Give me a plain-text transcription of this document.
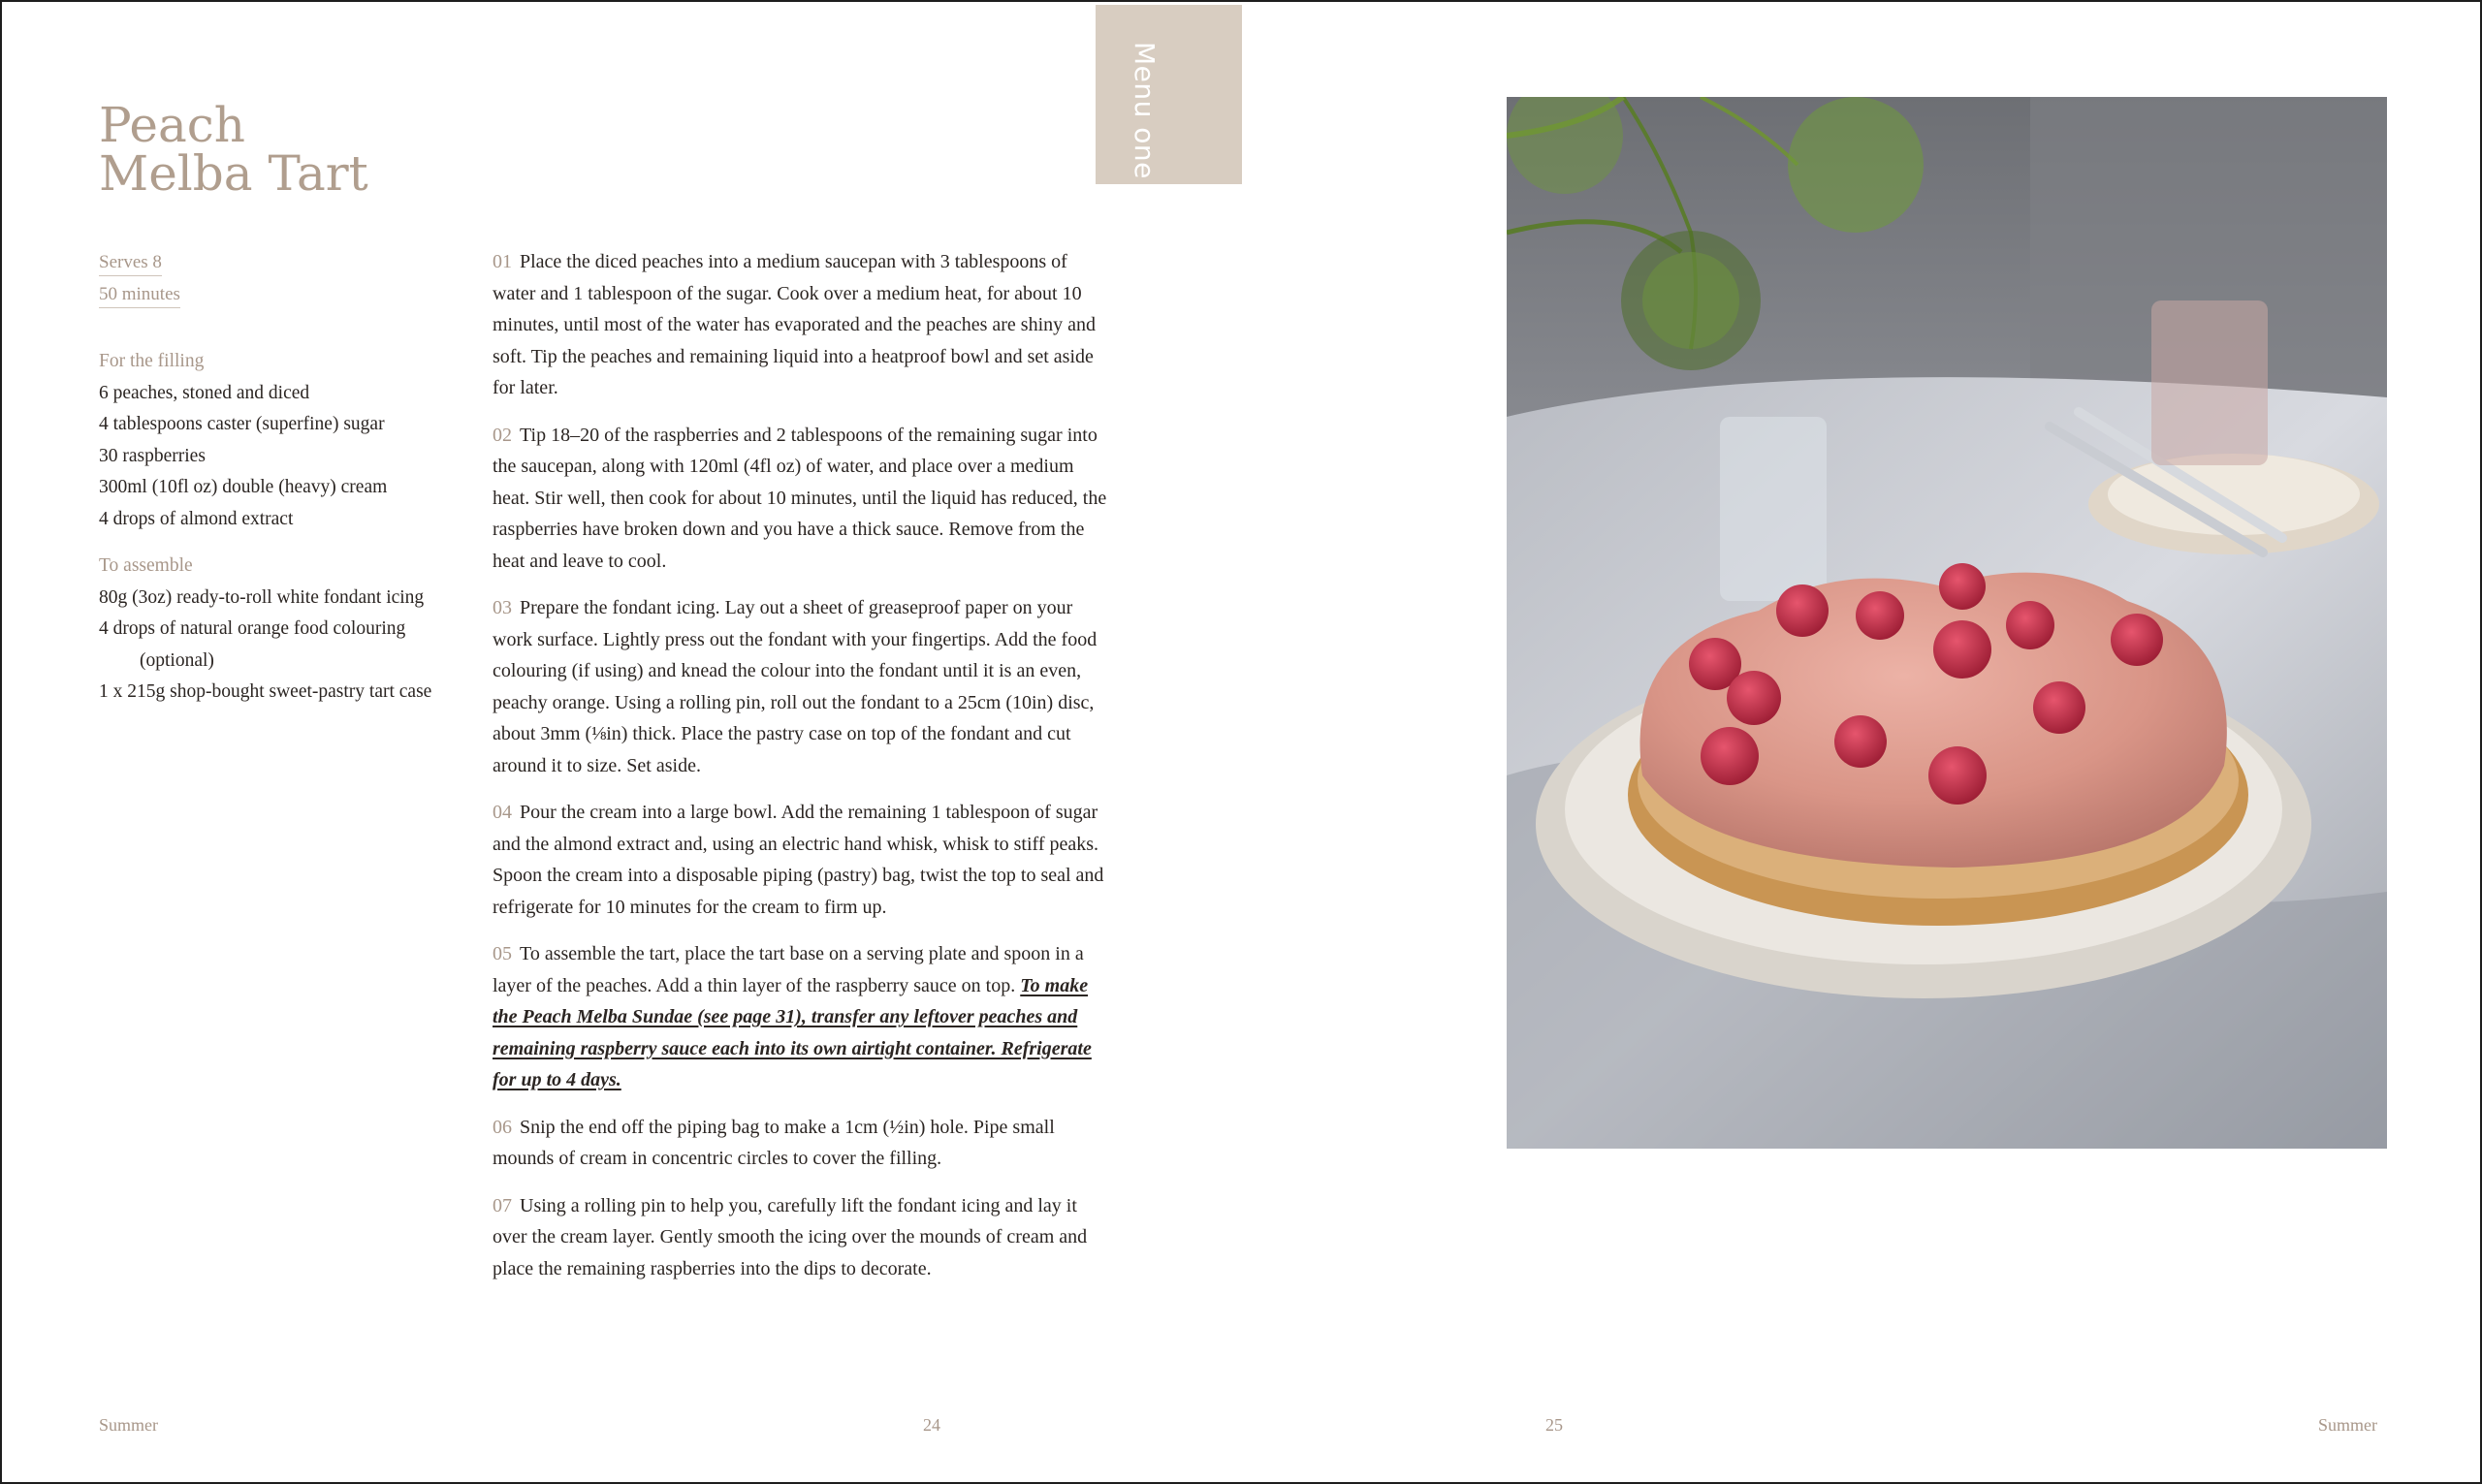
Peach
Melba Tart
Serves 8
50 minutes
For the filling
6 peaches, stoned and diced
4 tablespoons caster (superfine) sugar
30 raspberries
300ml (10fl oz) double (heavy) cream
4 drops of almond extract
To assemble
80g (3oz) ready-to-roll white fondant icing
4 drops of natural orange food colouring
(optional)
1 x 215g shop-bought sweet-pastry tart case

01 Place the diced peaches into a medium saucepan with 3 tablespoons of water and 1 tablespoon of the sugar. Cook over a medium heat, for about 10 minutes, until most of the water has evaporated and the peaches are shiny and soft. Tip the peaches and remaining liquid into a heatproof bowl and set aside for later.

02 Tip 18–20 of the raspberries and 2 tablespoons of the remaining sugar into the saucepan, along with 120ml (4fl oz) of water, and place over a medium heat. Stir well, then cook for about 10 minutes, until the liquid has reduced, the raspberries have broken down and you have a thick sauce. Remove from the heat and leave to cool.

03 Prepare the fondant icing. Lay out a sheet of greaseproof paper on your work surface. Lightly press out the fondant with your fingertips. Add the food colouring (if using) and knead the colour into the fondant until it is an even, peachy orange. Using a rolling pin, roll out the fondant to a 25cm (10in) disc, about 3mm (⅛in) thick. Place the pastry case on top of the fondant and cut around it to size. Set aside.

04 Pour the cream into a large bowl. Add the remaining 1 tablespoon of sugar and the almond extract and, using an electric hand whisk, whisk to stiff peaks. Spoon the cream into a disposable piping (pastry) bag, twist the top to seal and refrigerate for 10 minutes for the cream to firm up.

05 To assemble the tart, place the tart base on a serving plate and spoon in a layer of the peaches. Add a thin layer of the raspberry sauce on top. To make the Peach Melba Sundae (see page 31), transfer any leftover peaches and remaining raspberry sauce each into its own airtight container. Refrigerate for up to 4 days.

06 Snip the end off the piping bag to make a 1cm (½in) hole. Pipe small mounds of cream in concentric circles to cover the filling.

07 Using a rolling pin to help you, carefully lift the fondant icing and lay it over the cream layer. Gently smooth the icing over the mounds of cream and place the remaining raspberries into the dips to decorate.

Menu one
Summer	24	25	Summer
